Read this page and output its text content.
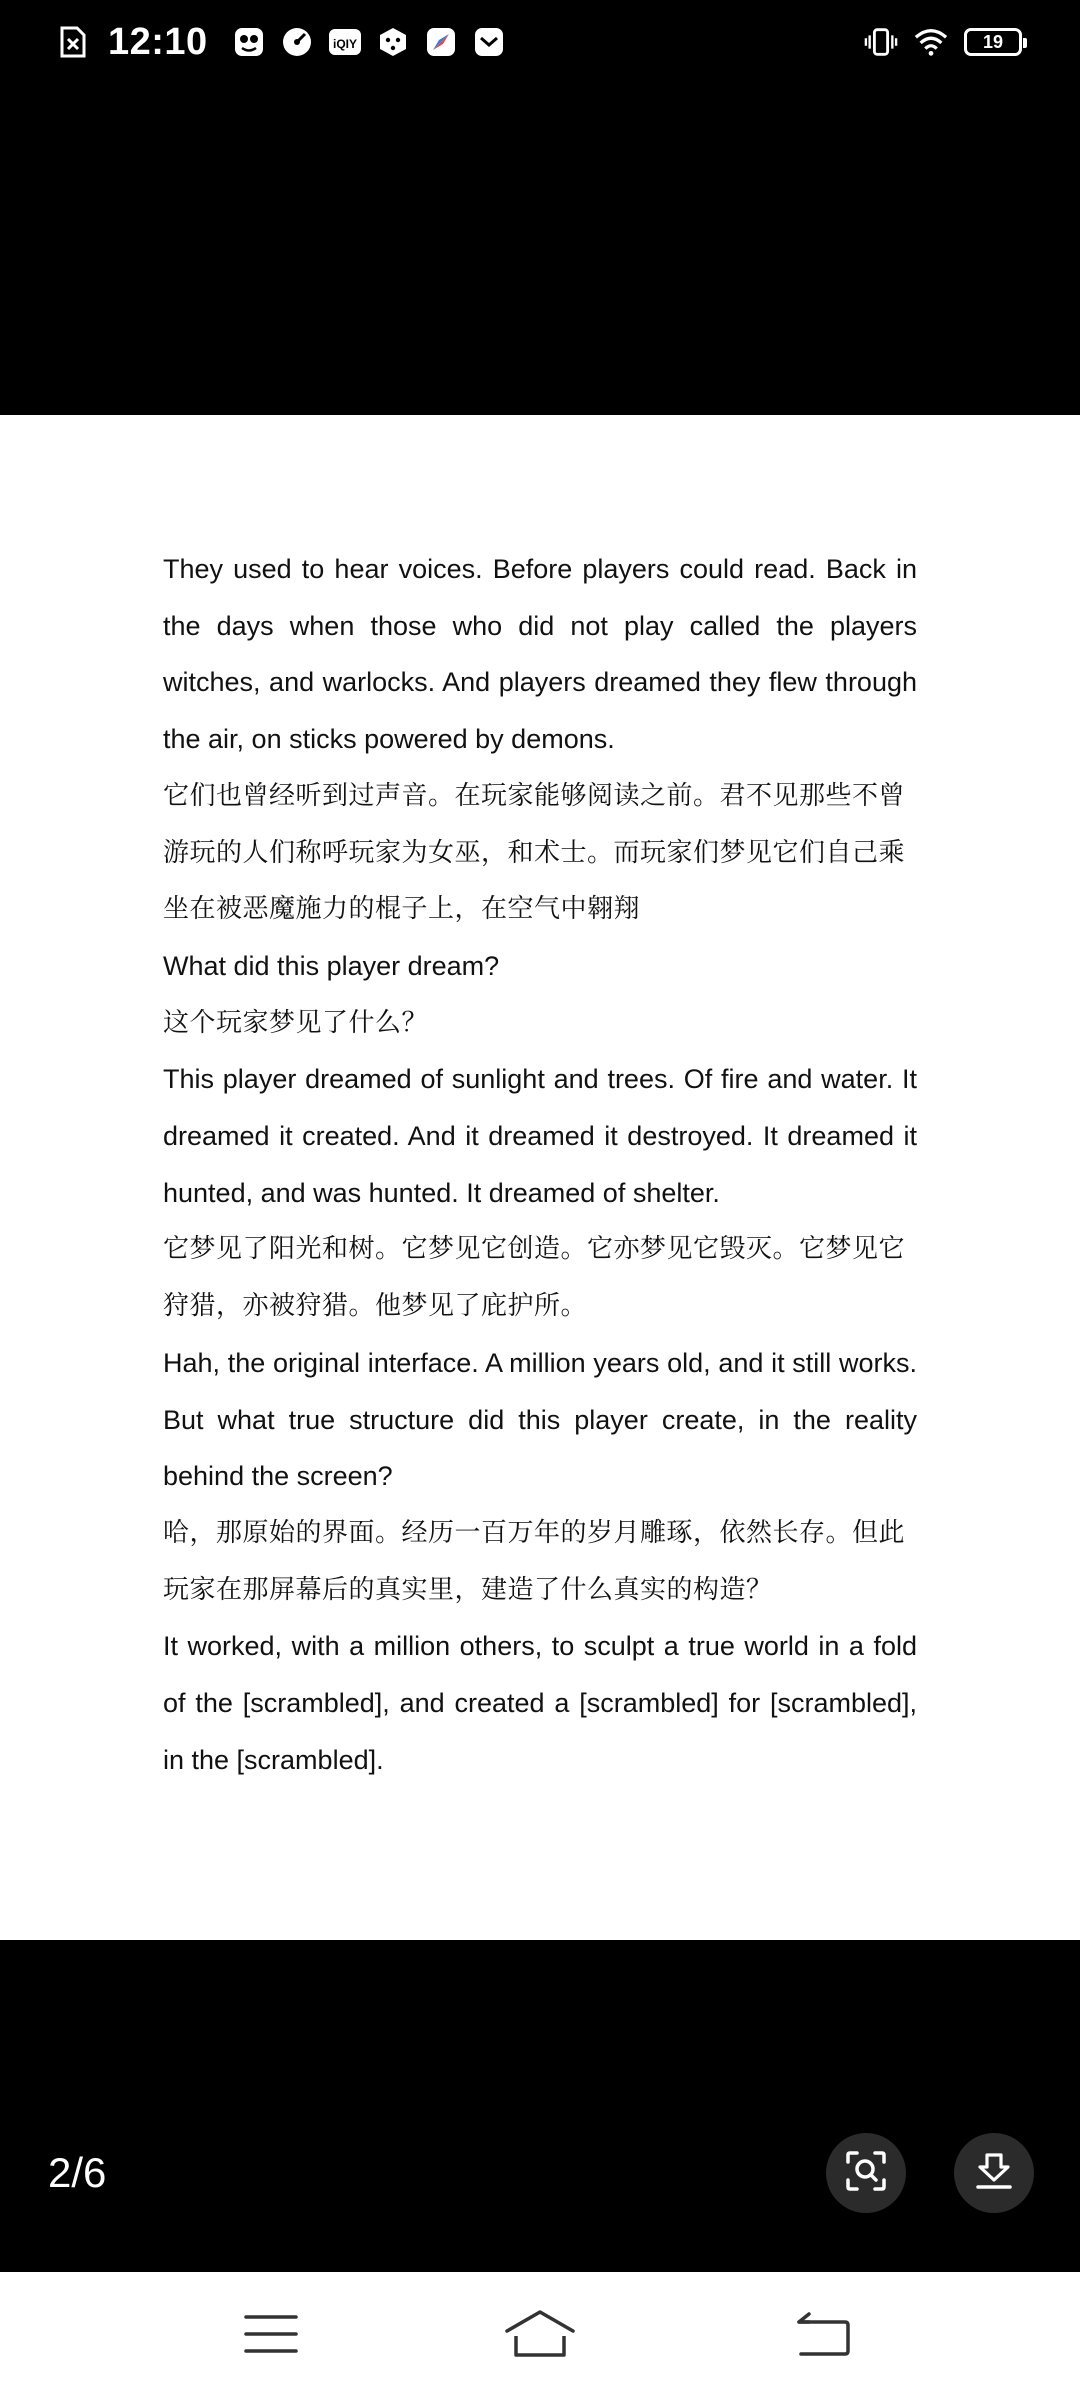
12:10	iQIY	19

They used to hear voices. Before players could read. Back in the days when those who did not play called the players witches, and warlocks. And players dreamed they flew through the air, on sticks powered by demons.

它们也曾经听到过声音。在玩家能够阅读之前。君不见那些不曾游玩的人们称呼玩家为女巫，和术士。而玩家们梦见它们自己乘坐在被恶魔施力的棍子上，在空气中翱翔

What did this player dream?

这个玩家梦见了什么？

This player dreamed of sunlight and trees. Of fire and water. It dreamed it created. And it dreamed it destroyed. It dreamed it hunted, and was hunted. It dreamed of shelter.

它梦见了阳光和树。它梦见它创造。它亦梦见它毁灭。它梦见它狩猎，亦被狩猎。他梦见了庇护所。

Hah, the original interface. A million years old, and it still works. But what true structure did this player create, in the reality behind the screen?

哈，那原始的界面。经历一百万年的岁月雕琢，依然长存。但此玩家在那屏幕后的真实里，建造了什么真实的构造？

It worked, with a million others, to sculpt a true world in a fold of the [scrambled], and created a [scrambled] for [scrambled], in the [scrambled].

2/6
